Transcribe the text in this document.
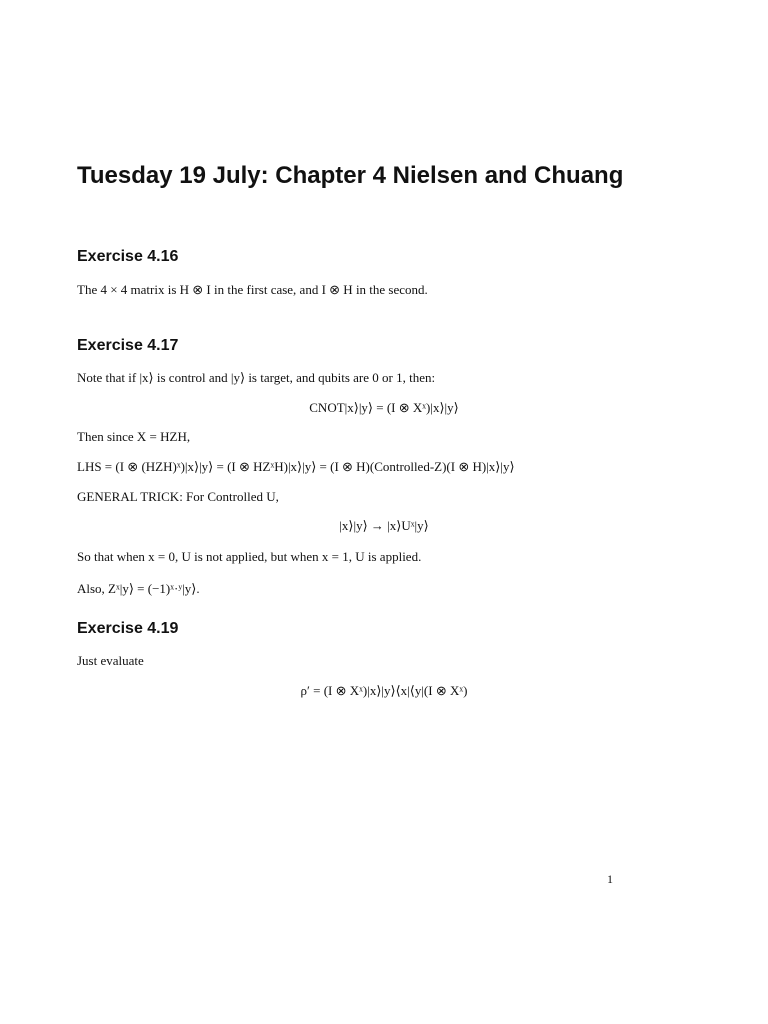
Tuesday 19 July: Chapter 4 Nielsen and Chuang
Exercise 4.16
The 4 × 4 matrix is H ⊗ I in the first case, and I ⊗ H in the second.
Exercise 4.17
Note that if |x⟩ is control and |y⟩ is target, and qubits are 0 or 1, then:
CNOT|x⟩|y⟩ = (I ⊗ Xˣ)|x⟩|y⟩
Then since X = HZH,
LHS = (I ⊗ (HZH)ˣ)|x⟩|y⟩ = (I ⊗ HZˣH)|x⟩|y⟩ = (I ⊗ H)(Controlled-Z)(I ⊗ H)|x⟩|y⟩
GENERAL TRICK: For Controlled U,
|x⟩|y⟩ → |x⟩Uˣ|y⟩
So that when x = 0, U is not applied, but when x = 1, U is applied.
Also, Zˣ|y⟩ = (−1)ˣ·ʸ|y⟩.
Exercise 4.19
Just evaluate
ρ′ = (I ⊗ Xˣ)|x⟩|y⟩⟨x|⟨y|(I ⊗ Xˣ)
1
